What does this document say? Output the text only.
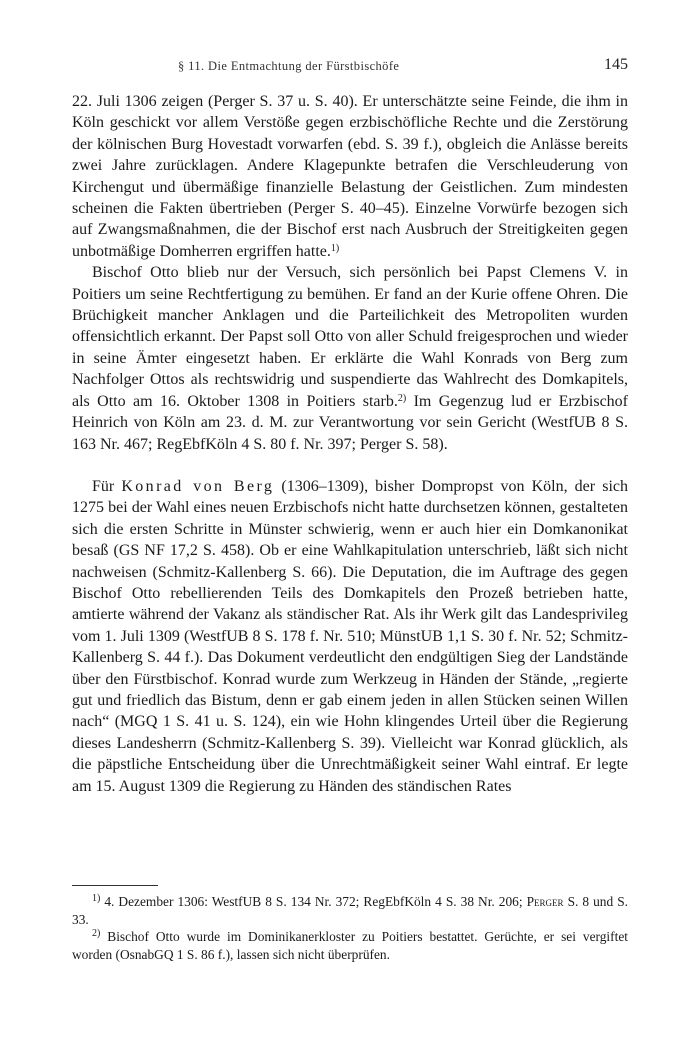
§ 11. Die Entmachtung der Fürstbischöfe	145

22. Juli 1306 zeigen (Perger S. 37 u. S. 40). Er unterschätzte seine Feinde, die ihm in Köln geschickt vor allem Verstöße gegen erzbischöfliche Rechte und die Zerstörung der kölnischen Burg Hovestadt vorwarfen (ebd. S. 39 f.), obgleich die Anlässe bereits zwei Jahre zurücklagen. Andere Klagepunkte betrafen die Verschleuderung von Kirchengut und übermäßige finanzielle Belastung der Geistlichen. Zum mindesten scheinen die Fakten übertrieben (Perger S. 40–45). Einzelne Vorwürfe bezogen sich auf Zwangsmaßnahmen, die der Bischof erst nach Ausbruch der Streitigkeiten gegen unbotmäßige Domherren ergriffen hatte.$^{1)}$

Bischof Otto blieb nur der Versuch, sich persönlich bei Papst Clemens V. in Poitiers um seine Rechtfertigung zu bemühen. Er fand an der Kurie offene Ohren. Die Brüchigkeit mancher Anklagen und die Parteilichkeit des Metropoliten wurden offensichtlich erkannt. Der Papst soll Otto von aller Schuld freigesprochen und wieder in seine Ämter eingesetzt haben. Er erklärte die Wahl Konrads von Berg zum Nachfolger Ottos als rechtswidrig und suspendierte das Wahlrecht des Domkapitels, als Otto am 16. Oktober 1308 in Poitiers starb.$^{2)}$ Im Gegenzug lud er Erzbischof Heinrich von Köln am 23. d. M. zur Verantwortung vor sein Gericht (WestfUB 8 S. 163 Nr. 467; RegEbfKöln 4 S. 80 f. Nr. 397; Perger S. 58).

Für Konrad von Berg (1306–1309), bisher Dompropst von Köln, der sich 1275 bei der Wahl eines neuen Erzbischofs nicht hatte durchsetzen können, gestalteten sich die ersten Schritte in Münster schwierig, wenn er auch hier ein Domkanonikat besaß (GS NF 17,2 S. 458). Ob er eine Wahlkapitulation unterschrieb, läßt sich nicht nachweisen (Schmitz-Kallenberg S. 66). Die Deputation, die im Auftrage des gegen Bischof Otto rebellierenden Teils des Domkapitels den Prozeß betrieben hatte, amtierte während der Vakanz als ständischer Rat. Als ihr Werk gilt das Landesprivileg vom 1. Juli 1309 (WestfUB 8 S. 178 f. Nr. 510; MünstUB 1,1 S. 30 f. Nr. 52; Schmitz-Kallenberg S. 44 f.). Das Dokument verdeutlicht den endgültigen Sieg der Landstände über den Fürstbischof. Konrad wurde zum Werkzeug in Händen der Stände, „regierte gut und friedlich das Bistum, denn er gab einem jeden in allen Stücken seinen Willen nach“ (MGQ 1 S. 41 u. S. 124), ein wie Hohn klingendes Urteil über die Regierung dieses Landesherrn (Schmitz-Kallenberg S. 39). Vielleicht war Konrad glücklich, als die päpstliche Entscheidung über die Unrechtmäßigkeit seiner Wahl eintraf. Er legte am 15. August 1309 die Regierung zu Händen des ständischen Rates

$^{1)}$ 4. Dezember 1306: WestfUB 8 S. 134 Nr. 372; RegEbfKöln 4 S. 38 Nr. 206; Perger S. 8 und S. 33.

$^{2)}$ Bischof Otto wurde im Dominikanerkloster zu Poitiers bestattet. Gerüchte, er sei vergiftet worden (OsnabGQ 1 S. 86 f.), lassen sich nicht überprüfen.
